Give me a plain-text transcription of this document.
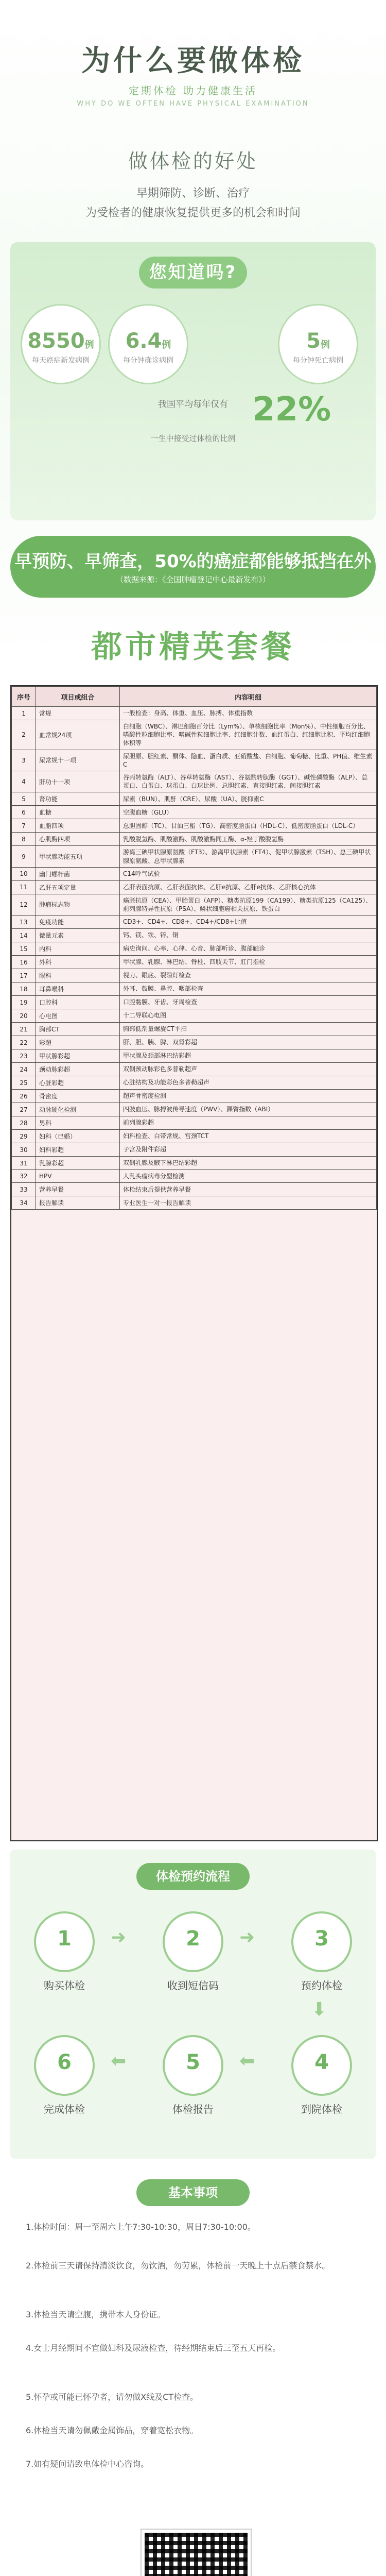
为什么要做体检
定期体检 助力健康生活
WHY DO WE OFTEN HAVE PHYSICAL EXAMINATION
做体检的好处
早期筛防、诊断、治疗
为受检者的健康恢复提供更多的机会和时间
您知道吗?
8550例
每天癌症新发病例
6.4例
每分钟确诊病例
5例
每分钟死亡病例
我国平均每年仅有 22%
一生中接受过体检的比例
早预防、早筛查，50%的癌症都能够抵挡在外
（数据来源：《全国肿瘤登记中心最新发布》）
都市精英套餐
序号	项目或组合	内容明细
1	常规	一般检查：身高、体重、血压、脉搏、体重指数
2	血常规24项	白细胞（WBC）、淋巴细胞百分比（Lym%）、单核细胞比率（Mon%）、中性细胞百分比、嗜酸性粒细胞比率、嗜碱性粒细胞比率、红细胞计数、血红蛋白、红细胞比积、平均红细胞体积等
3	尿常规十一项	尿胆原、胆红素、酮体、隐血、蛋白质、亚硝酸盐、白细胞、葡萄糖、比重、PH值、维生素C
4	肝功十一项	谷丙转氨酶（ALT）、谷草转氨酶（AST）、谷氨酰转肽酶（GGT）、碱性磷酸酶（ALP）、总蛋白、白蛋白、球蛋白、白球比例、总胆红素、直接胆红素、间接胆红素
5	肾功能	尿素（BUN）、肌酐（CRE）、尿酸（UA）、胱抑素C
6	血糖	空腹血糖（GLU）
7	血脂四项	总胆固醇（TC）、甘油三酯（TG）、高密度脂蛋白（HDL-C）、低密度脂蛋白（LDL-C）
8	心肌酶四项	乳酸脱氢酶、肌酸激酶、肌酸激酶同工酶、α-羟丁酸脱氢酶
9	甲状腺功能五项	游离三碘甲状腺原氨酸（FT3）、游离甲状腺素（FT4）、促甲状腺激素（TSH）、总三碘甲状腺原氨酸、总甲状腺素
10	幽门螺杆菌	C14呼气试验
11	乙肝五项定量	乙肝表面抗原、乙肝表面抗体、乙肝e抗原、乙肝e抗体、乙肝核心抗体
12	肿瘤标志物	癌胚抗原（CEA）、甲胎蛋白（AFP）、糖类抗原199（CA199）、糖类抗原125（CA125）、前列腺特异性抗原（PSA）、鳞状细胞癌相关抗原、铁蛋白
13	免疫功能	CD3+、CD4+、CD8+、CD4+/CD8+比值
14	微量元素	钙、镁、铁、锌、铜
15	内科	病史询问、心率、心律、心音、肺部听诊、腹部触诊
16	外科	甲状腺、乳腺、淋巴结、脊柱、四肢关节、肛门指检
17	眼科	视力、眼底、裂隙灯检查
18	耳鼻喉科	外耳、鼓膜、鼻腔、咽部检查
19	口腔科	口腔黏膜、牙齿、牙周检查
20	心电图	十二导联心电图
21	胸部CT	胸部低剂量螺旋CT平扫
22	彩超	肝、胆、胰、脾、双肾彩超
23	甲状腺彩超	甲状腺及颈部淋巴结彩超
24	颈动脉彩超	双侧颈动脉彩色多普勒超声
25	心脏彩超	心脏结构及功能彩色多普勒超声
26	骨密度	超声骨密度检测
27	动脉硬化检测	四肢血压、脉搏波传导速度（PWV）、踝臂指数（ABI）
28	男科	前列腺彩超
29	妇科（已婚）	妇科检查、白带常规、宫颈TCT
30	妇科彩超	子宫及附件彩超
31	乳腺彩超	双侧乳腺及腋下淋巴结彩超
32	HPV	人乳头瘤病毒分型检测
33	营养早餐	体检结束后提供营养早餐
34	报告解读	专业医生一对一报告解读
体检预约流程
1
购买体检
➜	2
收到短信码
➜	3
预约体检
⬇
4
到院体检
⬅
5
体检报告
⬅
6
完成体检
基本事项
1.体检时间：周一至周六上午7:30-10:30，周日7:30-10:00。
2.体检前三天请保持清淡饮食，勿饮酒，勿劳累，体检前一天晚上十点后禁食禁水。
3.体检当天请空腹，携带本人身份证。
4.女士月经期间不宜做妇科及尿液检查，待经期结束后三至五天再检。
5.怀孕或可能已怀孕者，请勿做X线及CT检查。
6.体检当天请勿佩戴金属饰品，穿着宽松衣物。
7.如有疑问请致电体检中心咨询。
